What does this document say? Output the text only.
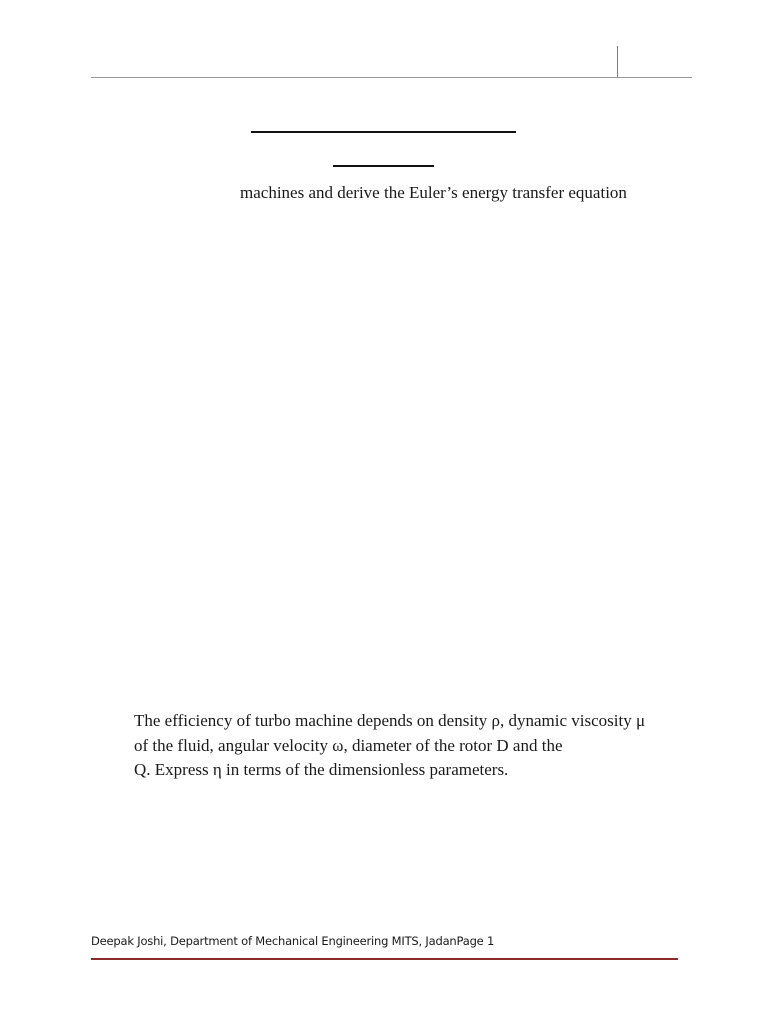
machines and derive the Euler’s energy transfer equation
The efficiency of turbo machine depends on density ρ, dynamic viscosity μ
of the fluid, angular velocity ω, diameter of the rotor D and the
Q. Express η in terms of the dimensionless parameters.
Deepak Joshi, Department of Mechanical Engineering MITS, JadanPage 1
